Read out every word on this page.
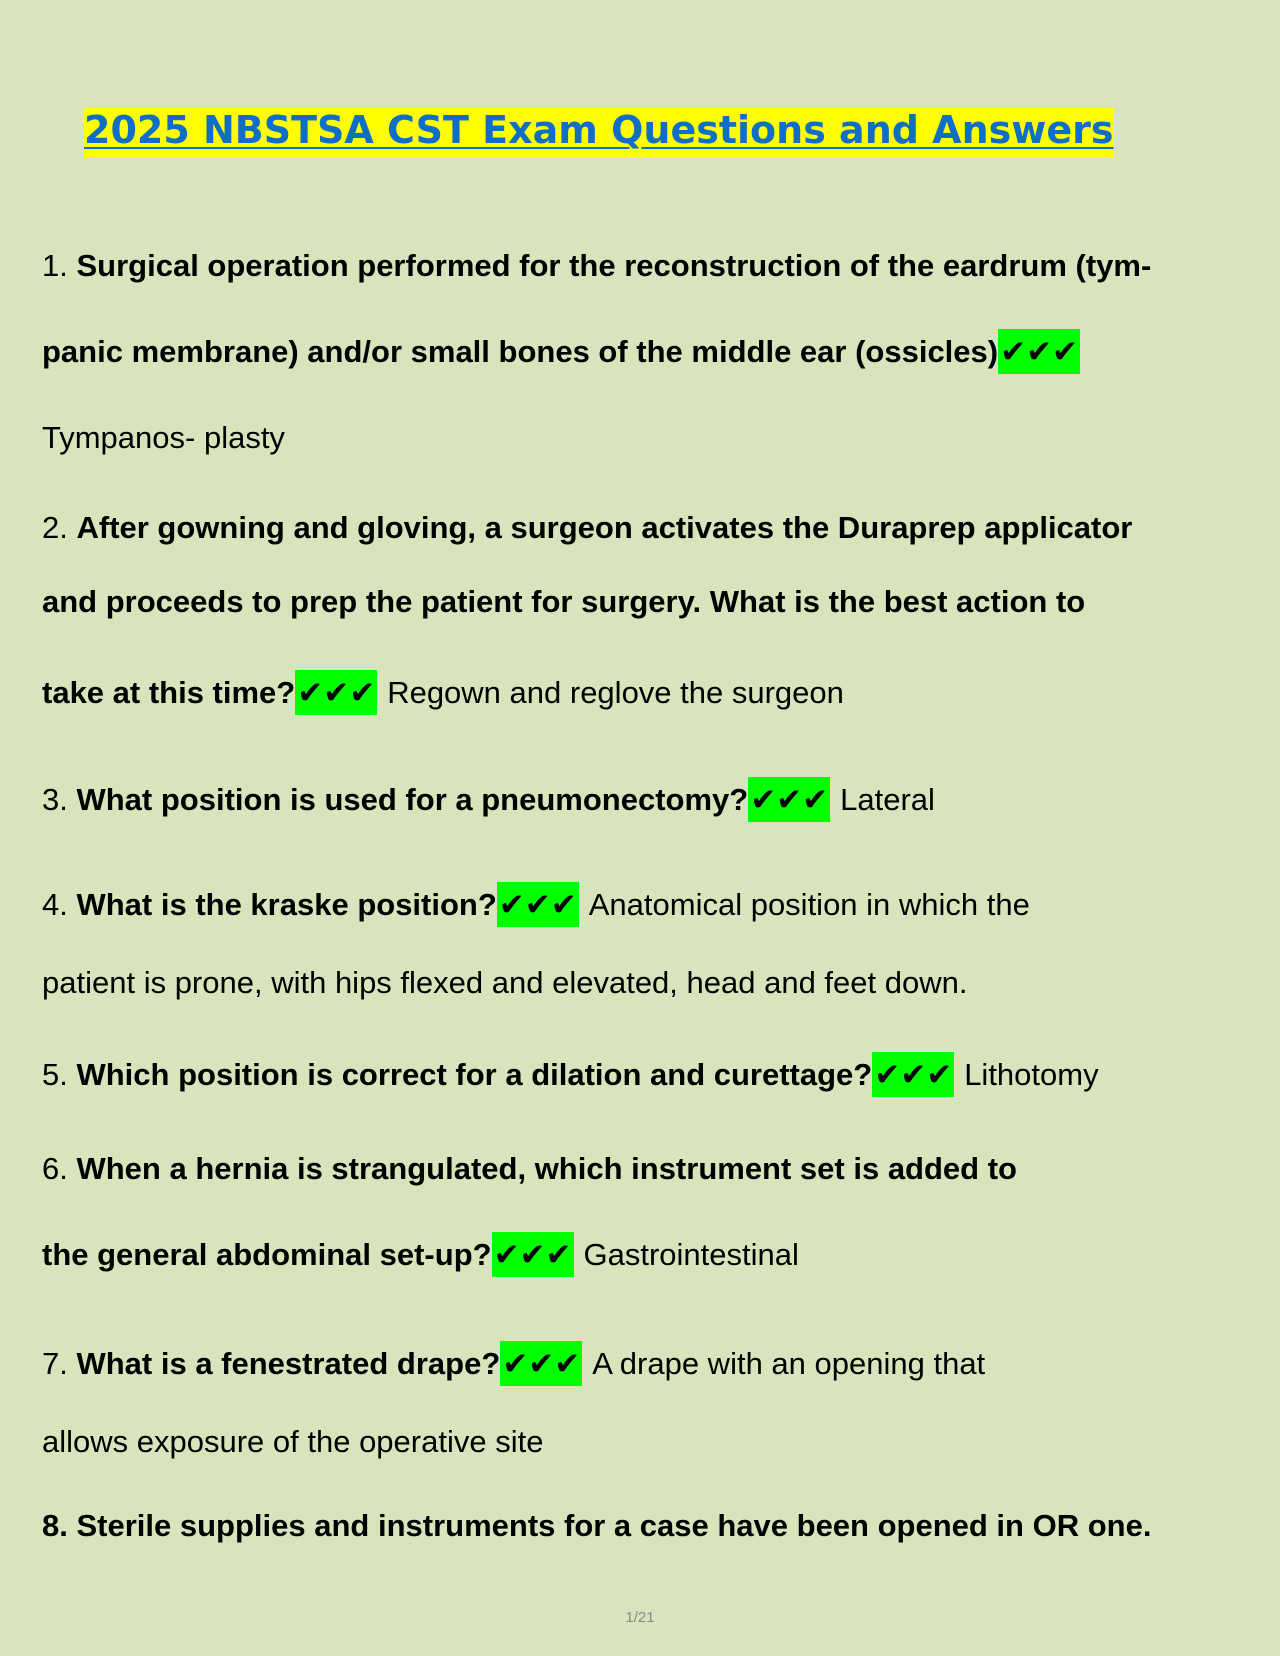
2025 NBSTSA CST Exam Questions and Answers
1. Surgical operation performed for the reconstruction of the eardrum (tym-
panic membrane) and/or small bones of the middle ear (ossicles)✔✔✔
Tympanos- plasty
2. After gowning and gloving, a surgeon activates the Duraprep applicator
and proceeds to prep the patient for surgery. What is the best action to
take at this time?✔✔✔ Regown and reglove the surgeon
3. What position is used for a pneumonectomy?✔✔✔ Lateral
4. What is the kraske position?✔✔✔ Anatomical position in which the
patient is prone, with hips flexed and elevated, head and feet down.
5. Which position is correct for a dilation and curettage?✔✔✔ Lithotomy
6. When a hernia is strangulated, which instrument set is added to
the general abdominal set-up?✔✔✔ Gastrointestinal
7. What is a fenestrated drape?✔✔✔ A drape with an opening that
allows exposure of the operative site
8. Sterile supplies and instruments for a case have been opened in OR one.
1/21
